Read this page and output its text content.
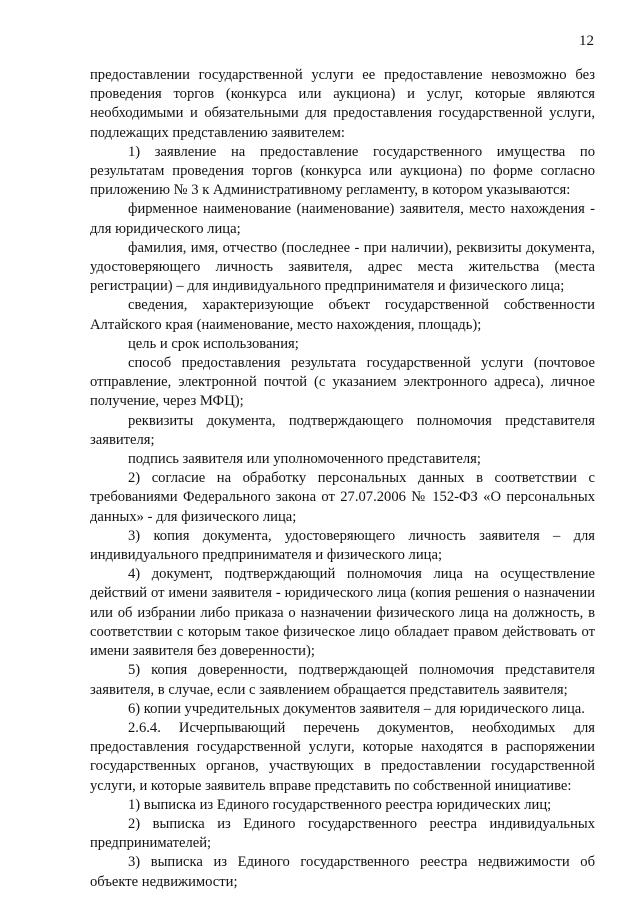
12

предоставлении государственной услуги ее предоставление невозможно без проведения торгов (конкурса или аукциона) и услуг, которые являются необходимыми и обязательными для предоставления государственной услуги, подлежащих представлению заявителем:

1) заявление на предоставление государственного имущества по результатам проведения торгов (конкурса или аукциона) по форме согласно приложению № 3 к Административному регламенту, в котором указываются:

фирменное наименование (наименование) заявителя, место нахождения - для юридического лица;

фамилия, имя, отчество (последнее - при наличии), реквизиты документа, удостоверяющего личность заявителя, адрес места жительства (места регистрации) – для индивидуального предпринимателя и физического лица;

сведения, характеризующие объект государственной собственности Алтайского края (наименование, место нахождения, площадь);

цель и срок использования;

способ предоставления результата государственной услуги (почтовое отправление, электронной почтой (с указанием электронного адреса), личное получение, через МФЦ);

реквизиты документа, подтверждающего полномочия представителя заявителя;

подпись заявителя или уполномоченного представителя;

2) согласие на обработку персональных данных в соответствии с требованиями Федерального закона от 27.07.2006 № 152-ФЗ «О персональных данных» - для физического лица;

3) копия документа, удостоверяющего личность заявителя – для индивидуального предпринимателя и физического лица;

4) документ, подтверждающий полномочия лица на осуществление действий от имени заявителя - юридического лица (копия решения о назначении или об избрании либо приказа о назначении физического лица на должность, в соответствии с которым такое физическое лицо обладает правом действовать от имени заявителя без доверенности);

5) копия доверенности, подтверждающей полномочия представителя заявителя, в случае, если с заявлением обращается представитель заявителя;

6) копии учредительных документов заявителя – для юридического лица.

2.6.4. Исчерпывающий перечень документов, необходимых для предоставления государственной услуги, которые находятся в распоряжении государственных органов, участвующих в предоставлении государственной услуги, и которые заявитель вправе представить по собственной инициативе:

1) выписка из Единого государственного реестра юридических лиц;

2) выписка из Единого государственного реестра индивидуальных предпринимателей;

3) выписка из Единого государственного реестра недвижимости об объекте недвижимости;
